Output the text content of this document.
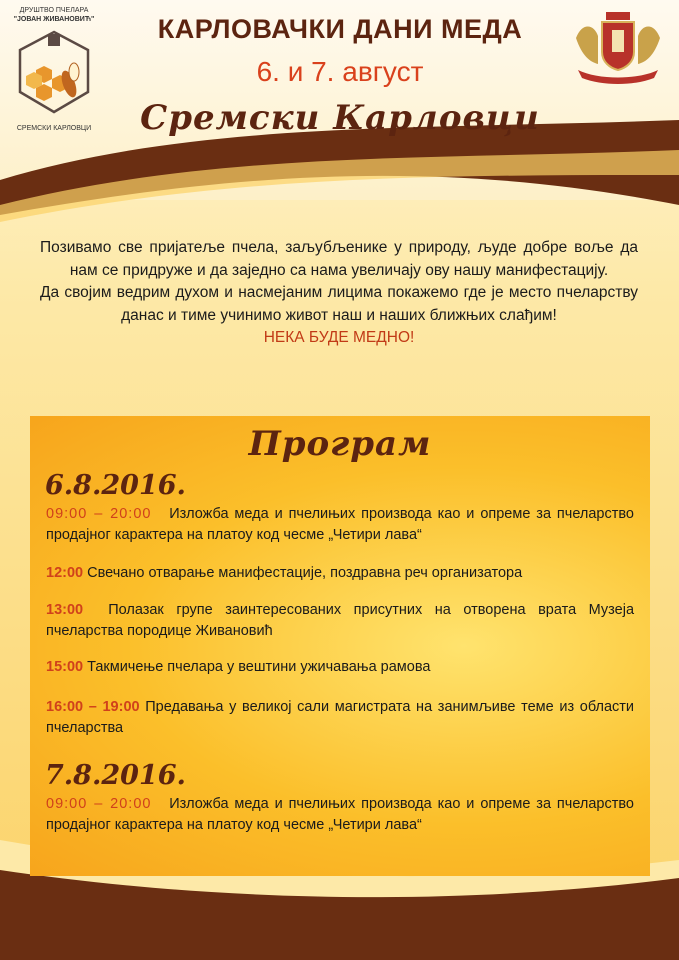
ДРУШТВО ПЧЕЛАРА
"ЈОВАН ЖИВАНОВИЋ"
СРЕМСКИ КАРЛОВЦИ
КАРЛОВАЧКИ ДАНИ МЕДА
6. и 7. август
Сремски Карловци

Позивамо све пријатеље пчела, заљубљенике у природу, људе добре воље да нам се придруже и да заједно са нама увеличају ову нашу манифестацију.

Да својим ведрим духом и насмејаним лицима покажемо где је место пчеларству данас и тиме учинимо живот наш и наших ближњих слађим!

НЕКА БУДЕ МЕДНО!

Програм
6.8.2016.
09:00 – 20:00 Изложба меда и пчелињих производа као и опреме за пчеларство продајног карактера на платоу код чесме „Четири лава“
12:00 Свечано отварање манифестације, поздравна реч организатора
13:00 Полазак групе заинтересованих присутних на отворена врата Музеја пчеларства породице Живановић
15:00 Такмичење пчелара у вештини ужичавања рамова
16:00 – 19:00 Предавања у великој сали магистрата на занимљиве теме из области пчеларства
7.8.2016.
09:00 – 20:00 Изложба меда и пчелињих производа као и опреме за пчеларство продајног карактера на платоу код чесме „Четири лава“
